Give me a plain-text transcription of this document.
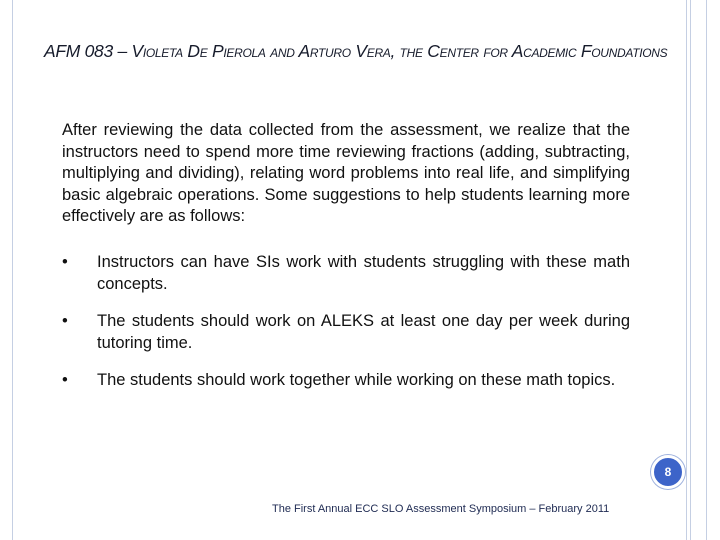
AFM 083 – Violeta De Pierola and Arturo Vera, the Center for Academic Foundations

After reviewing the data collected from the assessment, we realize that the instructors need to spend more time reviewing fractions (adding, subtracting, multiplying and dividing), relating word problems into real life, and simplifying basic algebraic operations. Some suggestions to help students learning more effectively are as follows:

•	Instructors can have SIs work with students struggling with these math concepts.
•	The students should work on ALEKS at least one day per week during tutoring time.
•	The students should work together while working on these math topics.
8
The First Annual ECC SLO Assessment Symposium – February 2011
